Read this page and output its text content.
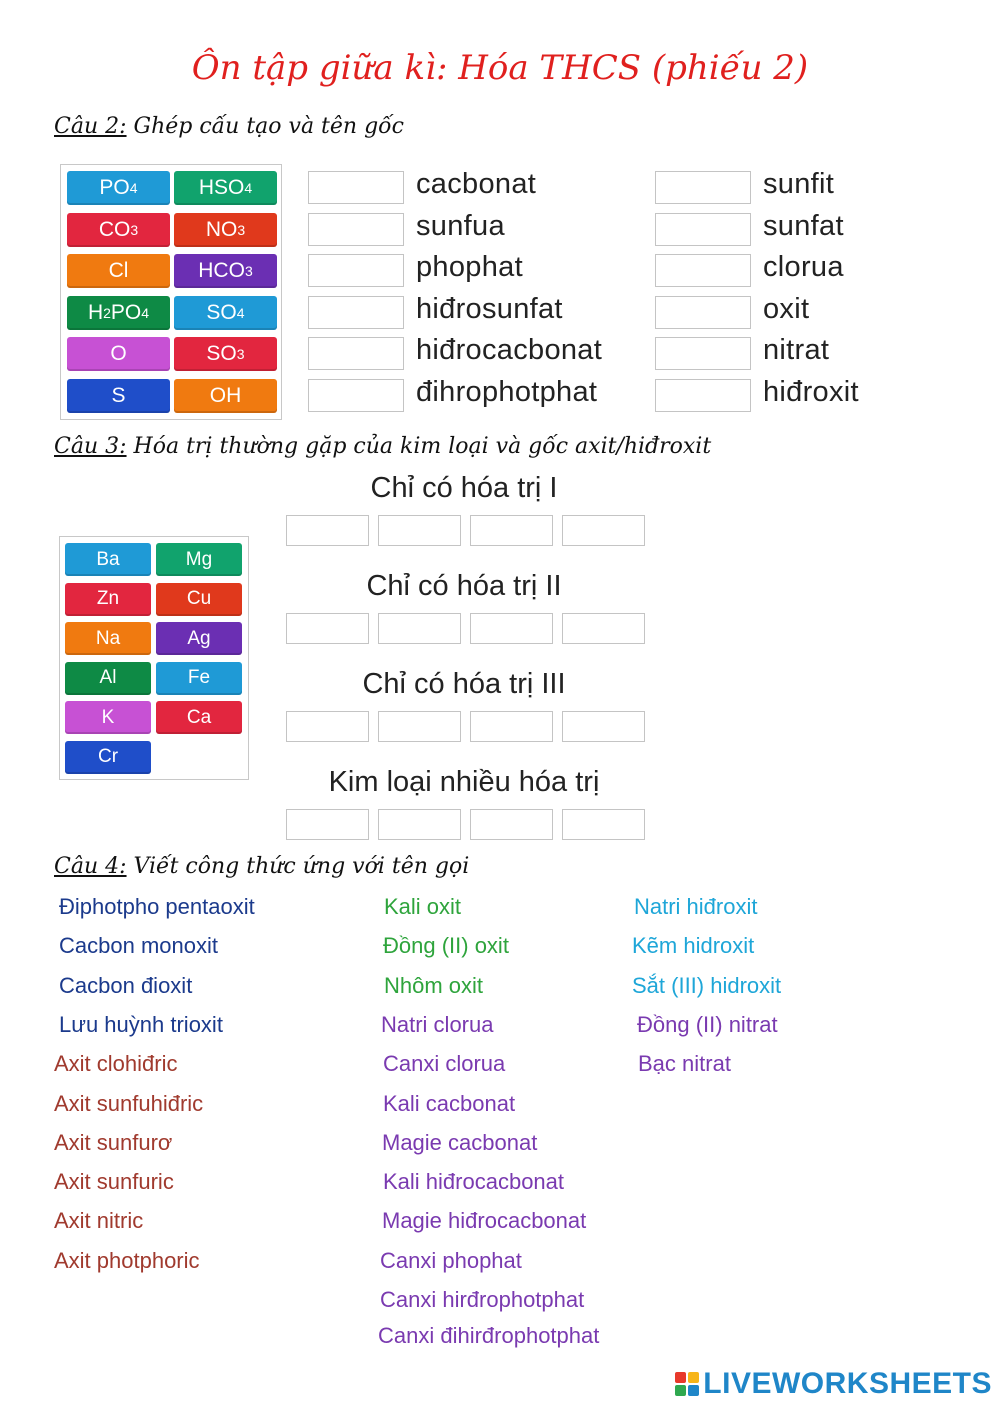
Ôn tập giữa kì: Hóa THCS (phiếu 2)
Câu 2: Ghép cấu tạo và tên gốc
PO 4	HSO 4
CO 3	NO 3
Cl	HCO 3
H 2 PO 4	SO 4
O	SO 3
S	OH
cacbonat
sunfua
phophat
hiđrosunfat
hiđrocacbonat
đihrophotphat
sunfit
sunfat
clorua
oxit
nitrat
hiđroxit
Câu 3: Hóa trị thường gặp của kim loại và gốc axit/hiđroxit
Ba	Mg
Zn	Cu
Na	Ag
Al	Fe
K	Ca
Cr
Chỉ có hóa trị I
Chỉ có hóa trị II
Chỉ có hóa trị III
Kim loại nhiều hóa trị
Câu 4: Viết công thức ứng với tên gọi
Điphotpho pentaoxit
Cacbon monoxit
Cacbon đioxit
Lưu huỳnh trioxit
Axit clohiđric
Axit sunfuhiđric
Axit sunfurơ
Axit sunfuric
Axit nitric
Axit photphoric
Kali oxit
Đồng (II) oxit
Nhôm oxit
Natri clorua
Canxi clorua
Kali cacbonat
Magie cacbonat
Kali hiđrocacbonat
Magie hiđrocacbonat
Canxi phophat
Canxi hirđrophotphat
Canxi đihirđrophotphat
Natri hiđroxit
Kẽm hidroxit
Sắt (III) hidroxit
Đồng (II) nitrat
Bạc nitrat
LIVEWORKSHEETS
